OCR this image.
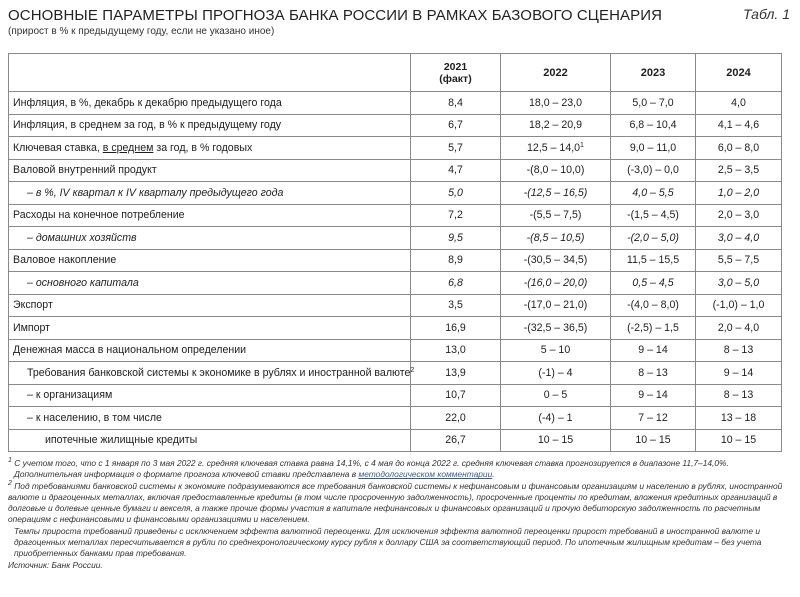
ОСНОВНЫЕ ПАРАМЕТРЫ ПРОГНОЗА БАНКА РОССИИ В РАМКАХ БАЗОВОГО СЦЕНАРИЯ
(прирост в % к предыдущему году, если не указано иное)
Табл. 1

	2021
(факт)	2022	2023	2024
Инфляция, в %, декабрь к декабрю предыдущего года	8,4	18,0 – 23,0	5,0 – 7,0	4,0
Инфляция, в среднем за год, в % к предыдущему году	6,7	18,2 – 20,9	6,8 – 10,4	4,1 – 4,6
Ключевая ставка, в среднем за год, в % годовых	5,7	12,5 – 14,0$^1$	9,0 – 11,0	6,0 – 8,0
Валовой внутренний продукт	4,7	-(8,0 – 10,0)	(-3,0) – 0,0	2,5 – 3,5
– в %, IV квартал к IV кварталу предыдущего года	5,0	-(12,5 – 16,5)	4,0 – 5,5	1,0 – 2,0
Расходы на конечное потребление	7,2	-(5,5 – 7,5)	-(1,5 – 4,5)	2,0 – 3,0
– домашних хозяйств	9,5	-(8,5 – 10,5)	-(2,0 – 5,0)	3,0 – 4,0
Валовое накопление	8,9	-(30,5 – 34,5)	11,5 – 15,5	5,5 – 7,5
– основного капитала	6,8	-(16,0 – 20,0)	0,5 – 4,5	3,0 – 5,0
Экспорт	3,5	-(17,0 – 21,0)	-(4,0 – 8,0)	(-1,0) – 1,0
Импорт	16,9	-(32,5 – 36,5)	(-2,5) – 1,5	2,0 – 4,0
Денежная масса в национальном определении	13,0	5 – 10	9 – 14	8 – 13
Требования банковской системы к экономике в рублях и иностранной валюте$^2$	13,9	(-1) – 4	8 – 13	9 – 14
– к организациям	10,7	0 – 5	9 – 14	8 – 13
– к населению, в том числе	22,0	(-4) – 1	7 – 12	13 – 18
ипотечные жилищные кредиты	26,7	10 – 15	10 – 15	10 – 15

$^1$ С учетом того, что с 1 января по 3 мая 2022 г. средняя ключевая ставка равна 14,1%, с 4 мая до конца 2022 г. средняя ключевая ставка прогнозируется в диапазоне 11,7–14,0%.

Дополнительная информация о формате прогноза ключевой ставки представлена в методологическом комментарии.

$^2$ Под требованиями банковской системы к экономике подразумеваются все требования банковской системы к нефинансовым и финансовым организациям и населению в рублях, иностранной валюте и драгоценных металлах, включая предоставленные кредиты (в том числе просроченную задолженность), просроченные проценты по кредитам, вложения кредитных организаций в долговые и долевые ценные бумаги и векселя, а также прочие формы участия в капитале нефинансовых и финансовых организаций и прочую дебиторскую задолженность по расчетным операциям с нефинансовыми и финансовыми организациями и населением.

Темпы прироста требований приведены с исключением эффекта валютной переоценки. Для исключения эффекта валютной переоценки прирост требований в иностранной валюте и драгоценных металлах пересчитывается в рубли по среднехронологическому курсу рубля к доллару США за соответствующий период. По ипотечным жилищным кредитам – без учета приобретенных банками прав требования.

Источник: Банк России.
